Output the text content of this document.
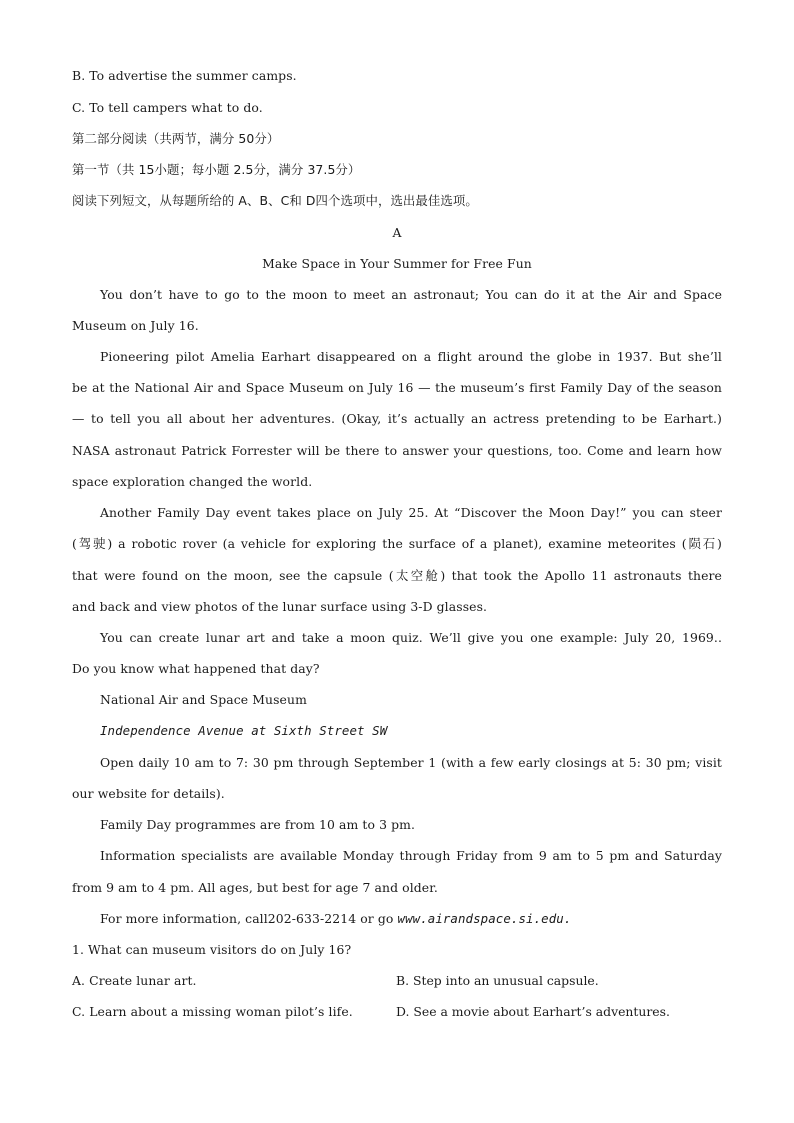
B. To advertise the summer camps.
C. To tell campers what to do.
第二部分阅读（共两节，满分 50分）
第一节（共 15小题；每小题 2.5分，满分 37.5分）
阅读下列短文，从每题所给的 A、B、C和 D四个选项中，选出最佳选项。
A
Make Space in Your Summer for Free Fun
You don’t have to go to the moon to meet an astronaut; You can do it at the Air and Space
Museum on July 16.
Pioneering pilot Amelia Earhart disappeared on a flight around the globe in 1937. But she’ll
be at the National Air and Space Museum on July 16 — the museum’s first Family Day of the season
— to tell you all about her adventures. (Okay, it’s actually an actress pretending to be Earhart.)
NASA astronaut Patrick Forrester will be there to answer your questions, too. Come and learn how
space exploration changed the world.
Another Family Day event takes place on July 25. At “Discover the Moon Day!” you can steer
(驾驶) a robotic rover (a vehicle for exploring the surface of a planet), examine meteorites (陨石)
that were found on the moon, see the capsule (太空舱) that took the Apollo 11 astronauts there
and back and view photos of the lunar surface using 3-D glasses.
You can create lunar art and take a moon quiz. We’ll give you one example: July 20, 1969..
Do you know what happened that day?
National Air and Space Museum
Independence Avenue at Sixth Street SW
Open daily 10 am to 7: 30 pm through September 1 (with a few early closings at 5: 30 pm; visit
our website for details).
Family Day programmes are from 10 am to 3 pm.
Information specialists are available Monday through Friday from 9 am to 5 pm and Saturday
from 9 am to 4 pm. All ages, but best for age 7 and older.
For more information, call202-633-2214 or go www.airandspace.si.edu.
1. What can museum visitors do on July 16?
A. Create lunar art.	B. Step into an unusual capsule.
C. Learn about a missing woman pilot’s life.	D. See a movie about Earhart’s adventures.
